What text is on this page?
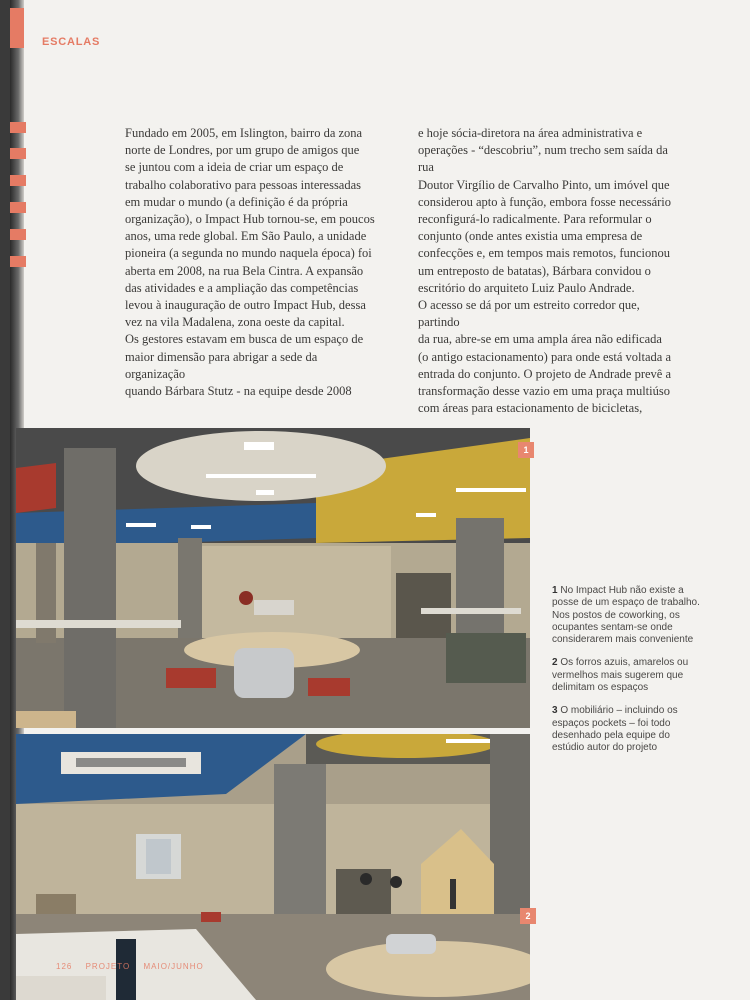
ESCALAS

Fundado em 2005, em Islington, bairro da zona
norte de Londres, por um grupo de amigos que
se juntou com a ideia de criar um espaço de
trabalho colaborativo para pessoas interessadas
em mudar o mundo (a definição é da própria
organização), o Impact Hub tornou-se, em poucos
anos, uma rede global. Em São Paulo, a unidade
pioneira (a segunda no mundo naquela época) foi
aberta em 2008, na rua Bela Cintra. A expansão
das atividades e a ampliação das competências
levou à inauguração de outro Impact Hub, dessa
vez na vila Madalena, zona oeste da capital.
Os gestores estavam em busca de um espaço de
maior dimensão para abrigar a sede da organização
quando Bárbara Stutz - na equipe desde 2008

e hoje sócia-diretora na área administrativa e
operações - “descobriu”, num trecho sem saída da rua
Doutor Virgílio de Carvalho Pinto, um imóvel que
considerou apto à função, embora fosse necessário
reconfigurá-lo radicalmente. Para reformular o
conjunto (onde antes existia uma empresa de
confecções e, em tempos mais remotos, funcionou
um entreposto de batatas), Bárbara convidou o
escritório do arquiteto Luiz Paulo Andrade.
O acesso se dá por um estreito corredor que, partindo
da rua, abre-se em uma ampla área não edificada
(o antigo estacionamento) para onde está voltada a
entrada do conjunto. O projeto de Andrade prevê a
transformação desse vazio em uma praça multiúso
com áreas para estacionamento de bicicletas,

1
2
1 No Impact Hub não existe a posse de um espaço de trabalho. Nos postos de coworking, os ocupantes sentam-se onde considerarem mais conveniente
2 Os forros azuis, amarelos ou vermelhos mais sugerem que delimitam os espaços
3 O mobiliário – incluindo os espaços pockets – foi todo desenhado pela equipe do estúdio autor do projeto
126 PROJETO MAIO/JUNHO
